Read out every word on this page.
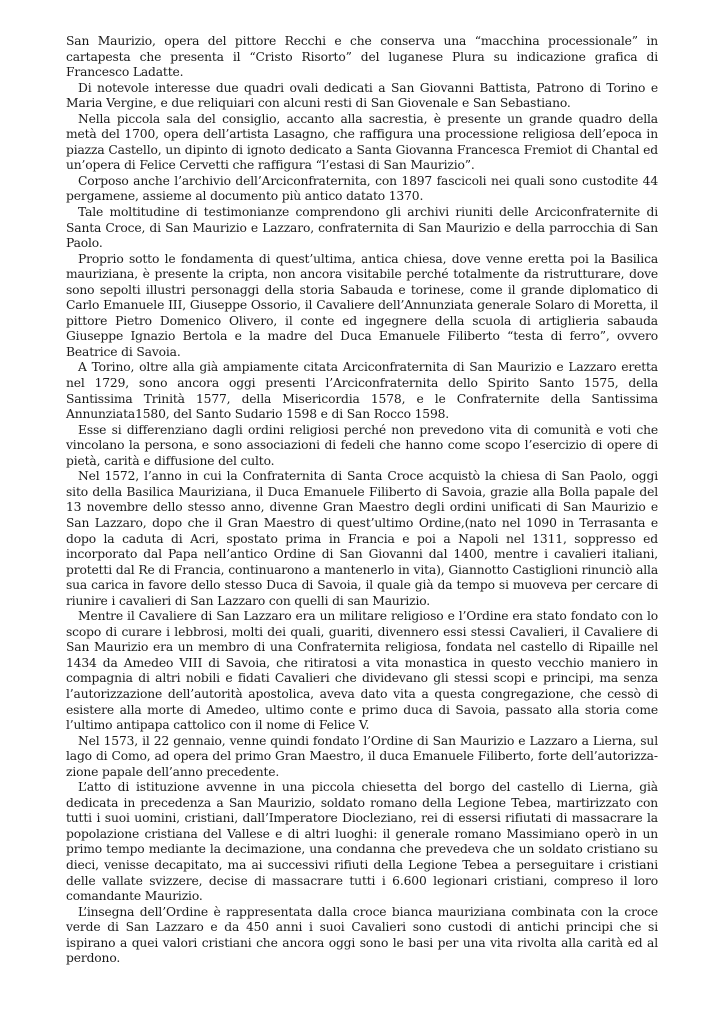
San Maurizio, opera del pittore Recchi e che conserva una “macchina processionale” in cartapesta che presenta il “Cristo Risorto” del luganese Plura su indicazione grafica di Francesco Ladatte.

Di notevole interesse due quadri ovali dedicati a San Giovanni Battista, Patrono di Torino e Maria Vergine, e due reliquiari con alcuni resti di San Giovenale e San Sebastiano.

Nella piccola sala del consiglio, accanto alla sacrestia, è presente un grande quadro della metà del 1700, opera dell’artista Lasagno, che raffigura una processione religiosa dell’epoca in piazza Castello, un dipinto di ignoto dedicato a Santa Giovanna Francesca Fremiot di Chantal ed un’opera di Felice Cervetti che raffigura “l’estasi di San Maurizio”.

Corposo anche l’archivio dell’Arciconfraternita, con 1897 fascicoli nei quali sono custodite 44 pergamene, assieme al documento più antico datato 1370.

Tale moltitudine di testimonianze comprendono gli archivi riuniti delle Arciconfraternite di Santa Croce, di San Maurizio e Lazzaro, confraternita di San Maurizio e della parrocchia di San Paolo.

Proprio sotto le fondamenta di quest’ultima, antica chiesa, dove venne eretta poi la Basilica mauriziana, è presente la cripta, non ancora visitabile perché totalmente da ristrutturare, dove sono sepolti illustri personaggi della storia Sabauda e torinese, come il grande diplomatico di Carlo Emanuele III, Giuseppe Ossorio, il Cavaliere dell’Annunziata generale Solaro di Moretta, il pittore Pietro Domenico Olivero, il conte ed ingegnere della scuola di artiglieria sabauda Giuseppe Ignazio Bertola e la madre del Duca Emanuele Filiberto “testa di ferro”, ovvero Beatrice di Savoia.

A Torino, oltre alla già ampiamente citata Arciconfraternita di San Maurizio e Lazzaro eretta nel 1729, sono ancora oggi presenti l’Arciconfraternita dello Spirito Santo 1575, della Santissima Trinità 1577, della Misericordia 1578, e le Confraternite della Santissima Annunziata1580, del Santo Sudario 1598 e di San Rocco 1598.

Esse si differenziano dagli ordini religiosi perché non prevedono vita di comunità e voti che vincolano la persona, e sono associazioni di fedeli che hanno come scopo l’esercizio di opere di pietà, carità e diffusione del culto.

Nel 1572, l’anno in cui la Confraternita di Santa Croce acquistò la chiesa di San Paolo, oggi sito della Basilica Mauriziana, il Duca Emanuele Filiberto di Savoia, grazie alla Bolla papale del 13 novembre dello stesso anno, divenne Gran Maestro degli ordini unificati di San Maurizio e San Lazzaro, dopo che il Gran Maestro di quest’ultimo Ordine,(nato nel 1090 in Terrasanta e dopo la caduta di Acri, spostato prima in Francia e poi a Napoli nel 1311, soppresso ed incorporato dal Papa nell’antico Ordine di San Giovanni dal 1400, mentre i cavalieri italiani, protetti dal Re di Francia, continuarono a mantenerlo in vita), Giannotto Castiglioni rinunciò alla sua carica in favore dello stesso Duca di Savoia, il quale già da tempo si muoveva per cercare di riunire i cavalieri di San Lazzaro con quelli di san Maurizio.

Mentre il Cavaliere di San Lazzaro era un militare religioso e l’Ordine era stato fondato con lo scopo di curare i lebbrosi, molti dei quali, guariti, divennero essi stessi Cavalieri, il Cavaliere di San Maurizio era un membro di una Confraternita religiosa, fondata nel castello di Ripaille nel 1434 da Amedeo VIII di Savoia, che ritiratosi a vita monastica in questo vecchio maniero in compagnia di altri nobili e fidati Cavalieri che dividevano gli stessi scopi e principi, ma senza l’autorizzazione dell’autorità apostolica, aveva dato vita a questa congregazione, che cessò di esistere alla morte di Amedeo, ultimo conte e primo duca di Savoia, passato alla storia come l’ultimo antipapa cattolico con il nome di Felice V.

Nel 1573, il 22 gennaio, venne quindi fondato l’Ordine di San Maurizio e Lazzaro a Lierna, sul lago di Como, ad opera del primo Gran Maestro, il duca Emanuele Filiberto, forte dell’autorizzazione papale dell’anno precedente.

L’atto di istituzione avvenne in una piccola chiesetta del borgo del castello di Lierna, già dedicata in precedenza a San Maurizio, soldato romano della Legione Tebea, martirizzato con tutti i suoi uomini, cristiani, dall’Imperatore Diocleziano, rei di essersi rifiutati di massacrare la popolazione cristiana del Vallese e di altri luoghi: il generale romano Massimiano operò in un primo tempo mediante la decimazione, una condanna che prevedeva che un soldato cristiano su dieci, venisse decapitato, ma ai successivi rifiuti della Legione Tebea a perseguitare i cristiani delle vallate svizzere, decise di massacrare tutti i 6.600 legionari cristiani, compreso il loro comandante Maurizio.

L’insegna dell’Ordine è rappresentata dalla croce bianca mauriziana combinata con la croce verde di San Lazzaro e da 450 anni i suoi Cavalieri sono custodi di antichi principi che si ispirano a quei valori cristiani che ancora oggi sono le basi per una vita rivolta alla carità ed al perdono.
